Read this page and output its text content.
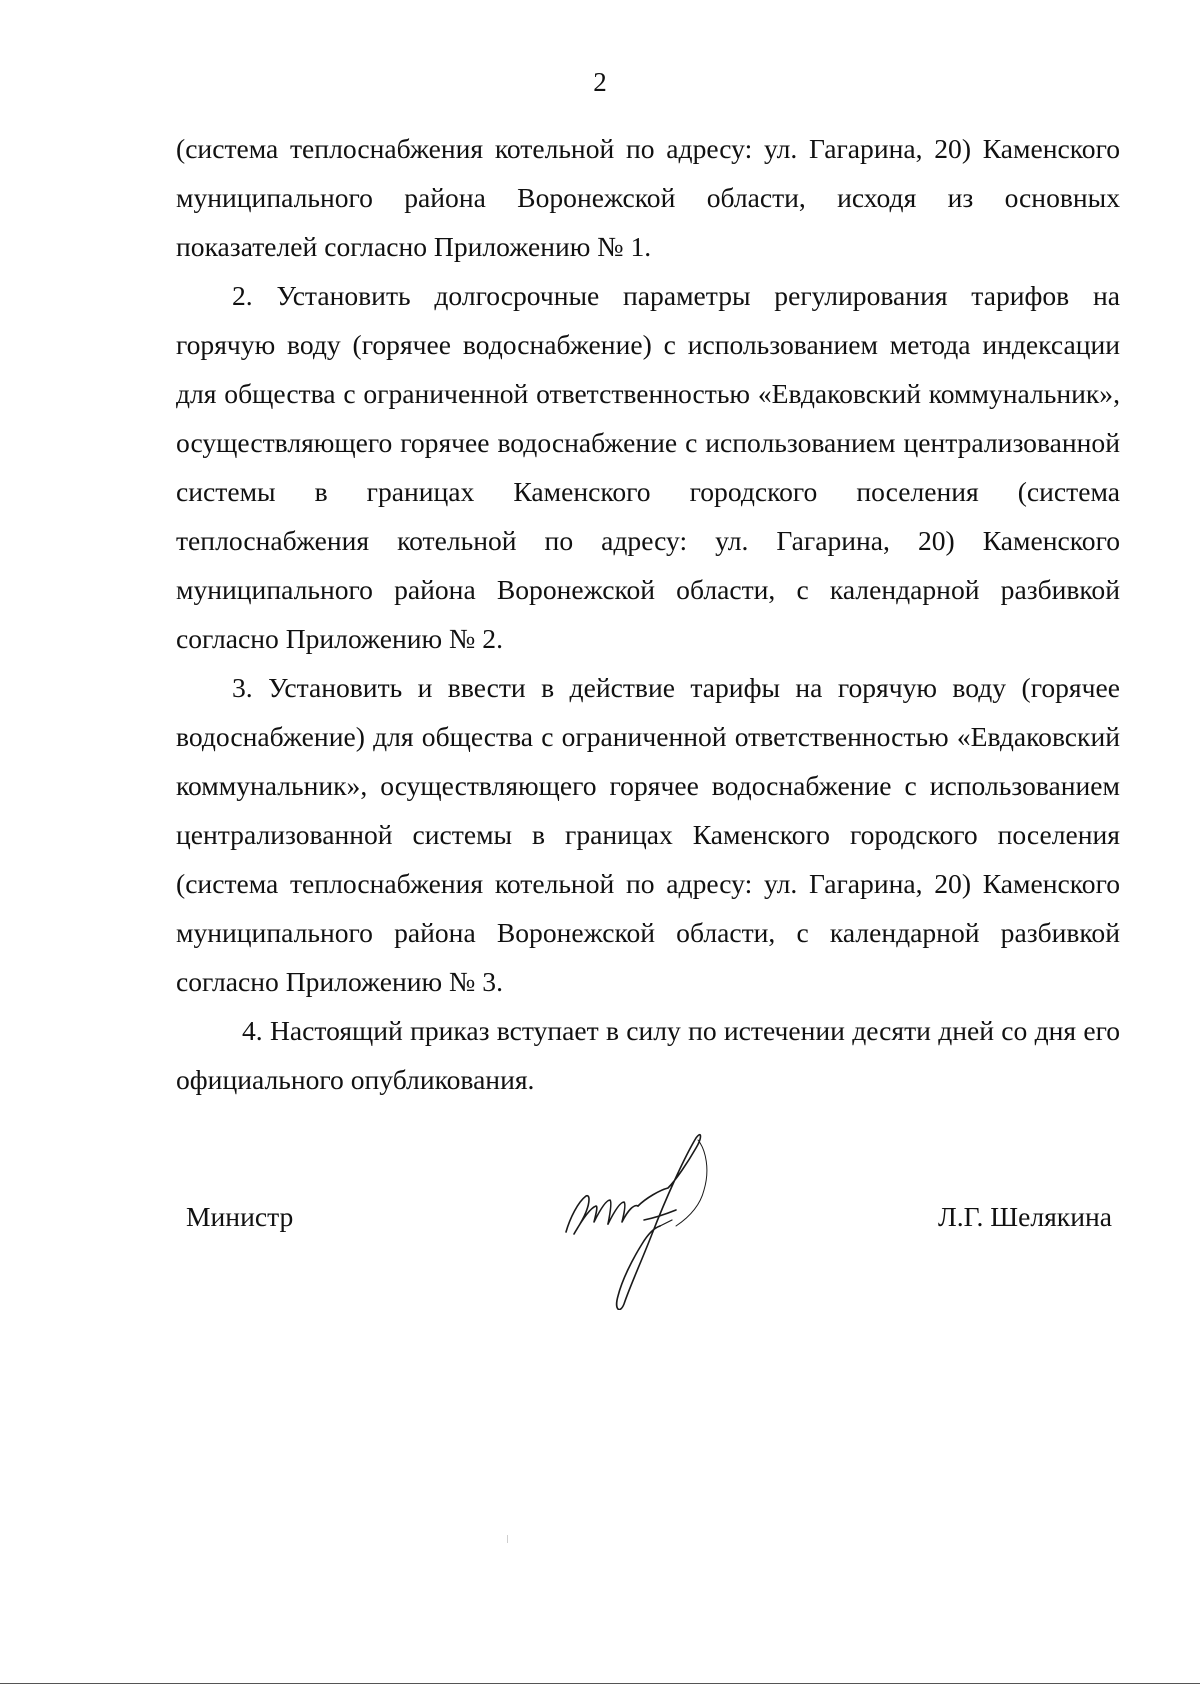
2

(система теплоснабжения котельной по адресу: ул. Гагарина, 20) Каменского муниципального района Воронежской области, исходя из основных показателей согласно Приложению № 1.

2. Установить долгосрочные параметры регулирования тарифов на горячую воду (горячее водоснабжение) с использованием метода индексации для общества с ограниченной ответственностью «Евдаковский коммунальник», осуществляющего горячее водоснабжение с использованием централизованной системы в границах Каменского городского поселения (система теплоснабжения котельной по адресу: ул. Гагарина, 20) Каменского муниципального района Воронежской области, с календарной разбивкой согласно Приложению № 2.

3. Установить и ввести в действие тарифы на горячую воду (горячее водоснабжение) для общества с ограниченной ответственностью «Евдаковский коммунальник», осуществляющего горячее водоснабжение с использованием централизованной системы в границах Каменского городского поселения (система теплоснабжения котельной по адресу: ул. Гагарина, 20) Каменского муниципального района Воронежской области, с календарной разбивкой согласно Приложению № 3.

4. Настоящий приказ вступает в силу по истечении десяти дней со дня его официального опубликования.

Министр	Л.Г. Шелякина
